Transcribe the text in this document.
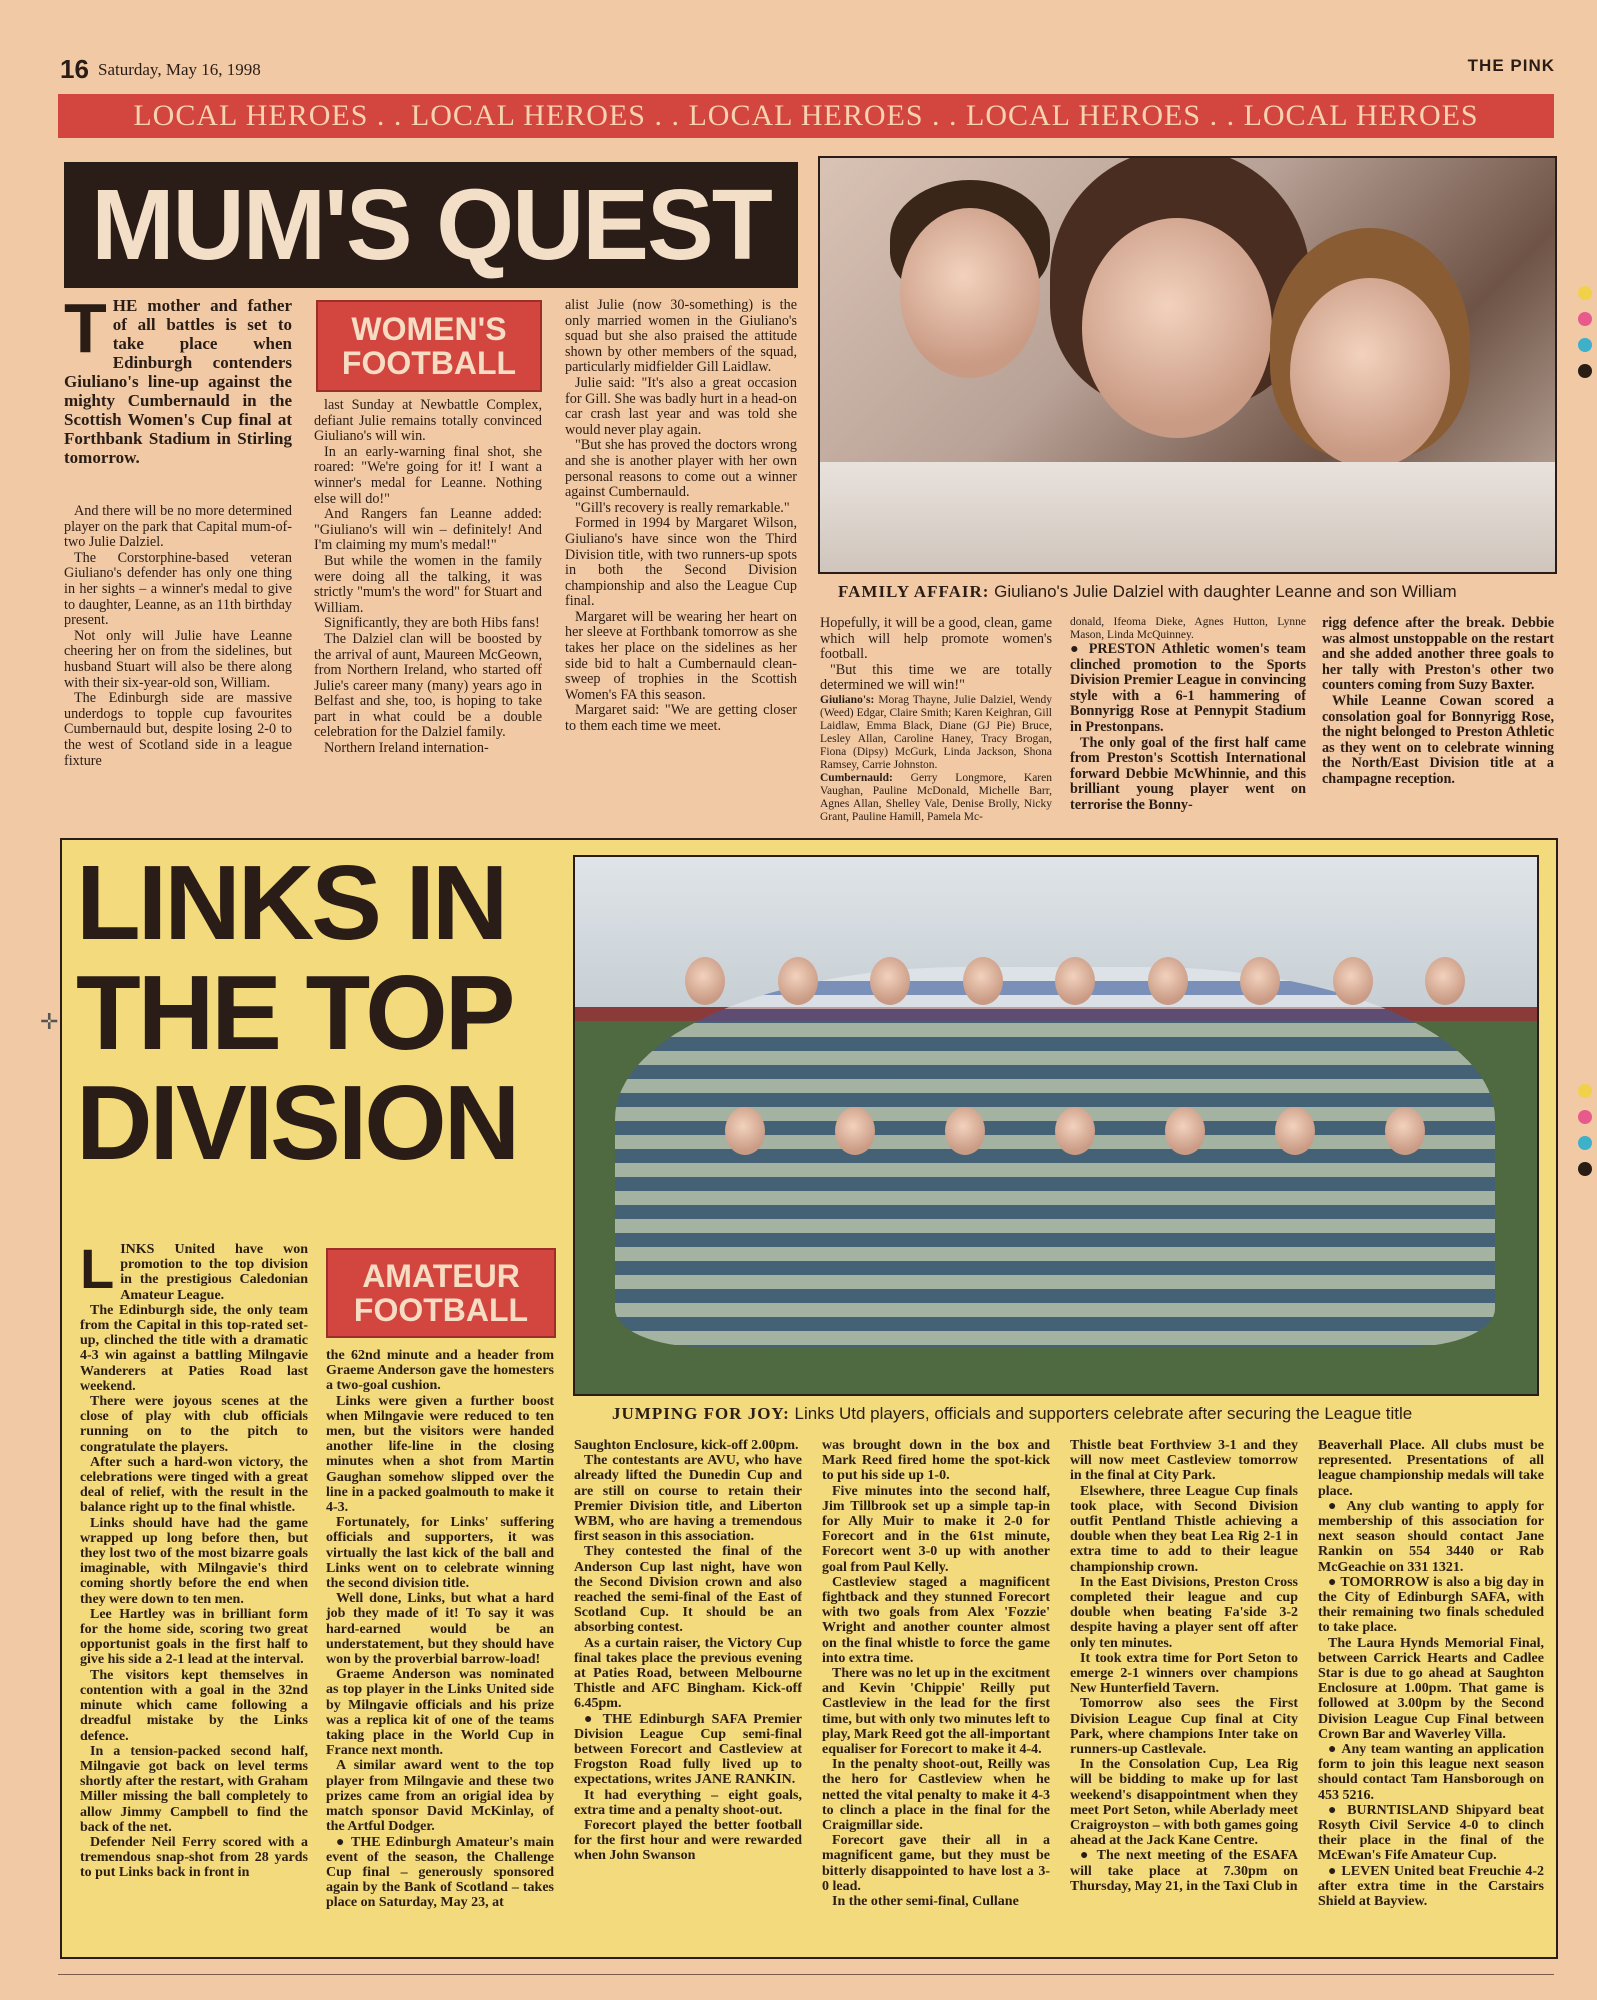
16 Saturday, May 16, 1998	THE PINK
LOCAL HEROES . . LOCAL HEROES . . LOCAL HEROES . . LOCAL HEROES . . LOCAL HEROES
MUM'S QUEST
FAMILY AFFAIR: Giuliano's Julie Dalziel with daughter Leanne and son William
THE mother and father of all battles is set to take place when Edinburgh contenders Giuliano's line-up against the mighty Cumbernauld in the Scottish Women's Cup final at Forthbank Stadium in Stirling tomorrow.

And there will be no more determined player on the park that Capital mum-of-two Julie Dalziel.

The Corstorphine-based veteran Giuliano's defender has only one thing in her sights – a winner's medal to give to daughter, Leanne, as an 11th birthday present.

Not only will Julie have Leanne cheering her on from the sidelines, but husband Stuart will also be there along with their six-year-old son, William.

The Edinburgh side are massive underdogs to topple cup favourites Cumbernauld but, despite losing 2-0 to the west of Scotland side in a league fixture

WOMEN'S
FOOTBALL

last Sunday at Newbattle Complex, defiant Julie remains totally convinced Giuliano's will win.

In an early-warning final shot, she roared: "We're going for it! I want a winner's medal for Leanne. Nothing else will do!"

And Rangers fan Leanne added: "Giuliano's will win – definitely! And I'm claiming my mum's medal!"

But while the women in the family were doing all the talking, it was strictly "mum's the word" for Stuart and William.

Significantly, they are both Hibs fans!

The Dalziel clan will be boosted by the arrival of aunt, Maureen McGeown, from Northern Ireland, who started off Julie's career many (many) years ago in Belfast and she, too, is hoping to take part in what could be a double celebration for the Dalziel family.

Northern Ireland internation-

alist Julie (now 30-something) is the only married women in the Giuliano's squad but she also praised the attitude shown by other members of the squad, particularly midfielder Gill Laidlaw.

Julie said: "It's also a great occasion for Gill. She was badly hurt in a head-on car crash last year and was told she would never play again.

"But she has proved the doctors wrong and she is another player with her own personal reasons to come out a winner against Cumbernauld.

"Gill's recovery is really remarkable."

Formed in 1994 by Margaret Wilson, Giuliano's have since won the Third Division title, with two runners-up spots in both the Second Division championship and also the League Cup final.

Margaret will be wearing her heart on her sleeve at Forthbank tomorrow as she takes her place on the sidelines as her side bid to halt a Cumbernauld clean-sweep of trophies in the Scottish Women's FA this season.

Margaret said: "We are getting closer to them each time we meet.

Hopefully, it will be a good, clean, game which will help promote women's football.

"But this time we are totally determined we will win!"

Giuliano's: Morag Thayne, Julie Dalziel, Wendy (Weed) Edgar, Claire Smith; Karen Keighran, Gill Laidlaw, Emma Black, Diane (GJ Pie) Bruce, Lesley Allan, Caroline Haney, Tracy Brogan, Fiona (Dipsy) McGurk, Linda Jackson, Shona Ramsey, Carrie Johnston.

Cumbernauld: Gerry Longmore, Karen Vaughan, Pauline McDonald, Michelle Barr, Agnes Allan, Shelley Vale, Denise Brolly, Nicky Grant, Pauline Hamill, Pamela Mc-

donald, Ifeoma Dieke, Agnes Hutton, Lynne Mason, Linda McQuinney.

● PRESTON Athletic women's team clinched promotion to the Sports Division Premier League in convincing style with a 6-1 hammering of Bonnyrigg Rose at Pennypit Stadium in Prestonpans.

The only goal of the first half came from Preston's Scottish International forward Debbie McWhinnie, and this brilliant young player went on terrorise the Bonny-

rigg defence after the break. Debbie was almost unstoppable on the restart and she added another three goals to her tally with Preston's other two counters coming from Suzy Baxter.

While Leanne Cowan scored a consolation goal for Bonnyrigg Rose, the night belonged to Preston Athletic as they went on to celebrate winning the North/East Division title at a champagne reception.

LINKS IN
THE TOP
DIVISION
JUMPING FOR JOY: Links Utd players, officials and supporters celebrate after securing the League title

LINKS United have won promotion to the top division in the prestigious Caledonian Amateur League.

The Edinburgh side, the only team from the Capital in this top-rated set-up, clinched the title with a dramatic 4-3 win against a battling Milngavie Wanderers at Paties Road last weekend.

There were joyous scenes at the close of play with club officials running on to the pitch to congratulate the players.

After such a hard-won victory, the celebrations were tinged with a great deal of relief, with the result in the balance right up to the final whistle.

Links should have had the game wrapped up long before then, but they lost two of the most bizarre goals imaginable, with Milngavie's third coming shortly before the end when they were down to ten men.

Lee Hartley was in brilliant form for the home side, scoring two great opportunist goals in the first half to give his side a 2-1 lead at the interval.

The visitors kept themselves in contention with a goal in the 32nd minute which came following a dreadful mistake by the Links defence.

In a tension-packed second half, Milngavie got back on level terms shortly after the restart, with Graham Miller missing the ball completely to allow Jimmy Campbell to find the back of the net.

Defender Neil Ferry scored with a tremendous snap-shot from 28 yards to put Links back in front in

AMATEUR
FOOTBALL

the 62nd minute and a header from Graeme Anderson gave the homesters a two-goal cushion.

Links were given a further boost when Milngavie were reduced to ten men, but the visitors were handed another life-line in the closing minutes when a shot from Martin Gaughan somehow slipped over the line in a packed goalmouth to make it 4-3.

Fortunately, for Links' suffering officials and supporters, it was virtually the last kick of the ball and Links went on to celebrate winning the second division title.

Well done, Links, but what a hard job they made of it! To say it was hard-earned would be an understatement, but they should have won by the proverbial barrow-load!

Graeme Anderson was nominated as top player in the Links United side by Milngavie officials and his prize was a replica kit of one of the teams taking place in the World Cup in France next month.

A similar award went to the top player from Milngavie and these two prizes came from an origial idea by match sponsor David McKinlay, of the Artful Dodger.

● THE Edinburgh Amateur's main event of the season, the Challenge Cup final – generously sponsored again by the Bank of Scotland – takes place on Saturday, May 23, at

Saughton Enclosure, kick-off 2.00pm.

The contestants are AVU, who have already lifted the Dunedin Cup and are still on course to retain their Premier Division title, and Liberton WBM, who are having a tremendous first season in this association.

They contested the final of the Anderson Cup last night, have won the Second Division crown and also reached the semi-final of the East of Scotland Cup. It should be an absorbing contest.

As a curtain raiser, the Victory Cup final takes place the previous evening at Paties Road, between Melbourne Thistle and AFC Bingham. Kick-off 6.45pm.

● THE Edinburgh SAFA Premier Division League Cup semi-final between Forecort and Castleview at Frogston Road fully lived up to expectations, writes JANE RANKIN.

It had everything – eight goals, extra time and a penalty shoot-out.

Forecort played the better football for the first hour and were rewarded when John Swanson

was brought down in the box and Mark Reed fired home the spot-kick to put his side up 1-0.

Five minutes into the second half, Jim Tillbrook set up a simple tap-in for Ally Muir to make it 2-0 for Forecort and in the 61st minute, Forecort went 3-0 up with another goal from Paul Kelly.

Castleview staged a magnificent fightback and they stunned Forecort with two goals from Alex 'Fozzie' Wright and another counter almost on the final whistle to force the game into extra time.

There was no let up in the excitment and Kevin 'Chippie' Reilly put Castleview in the lead for the first time, but with only two minutes left to play, Mark Reed got the all-important equaliser for Forecort to make it 4-4.

In the penalty shoot-out, Reilly was the hero for Castleview when he netted the vital penalty to make it 4-3 to clinch a place in the final for the Craigmillar side.

Forecort gave their all in a magnificent game, but they must be bitterly disappointed to have lost a 3-0 lead.

In the other semi-final, Cullane

Thistle beat Forthview 3-1 and they will now meet Castleview tomorrow in the final at City Park.

Elsewhere, three League Cup finals took place, with Second Division outfit Pentland Thistle achieving a double when they beat Lea Rig 2-1 in extra time to add to their league championship crown.

In the East Divisions, Preston Cross completed their league and cup double when beating Fa'side 3-2 despite having a player sent off after only ten minutes.

It took extra time for Port Seton to emerge 2-1 winners over champions New Hunterfield Tavern.

Tomorrow also sees the First Division League Cup final at City Park, where champions Inter take on runners-up Castlevale.

In the Consolation Cup, Lea Rig will be bidding to make up for last weekend's disappointment when they meet Port Seton, while Aberlady meet Craigroyston – with both games going ahead at the Jack Kane Centre.

● The next meeting of the ESAFA will take place at 7.30pm on Thursday, May 21, in the Taxi Club in

Beaverhall Place. All clubs must be represented. Presentations of all league championship medals will take place.

● Any club wanting to apply for membership of this association for next season should contact Jane Rankin on 554 3440 or Rab McGeachie on 331 1321.

● TOMORROW is also a big day in the City of Edinburgh SAFA, with their remaining two finals scheduled to take place.

The Laura Hynds Memorial Final, between Carrick Hearts and Cadlee Star is due to go ahead at Saughton Enclosure at 1.00pm. That game is followed at 3.00pm by the Second Division League Cup Final between Crown Bar and Waverley Villa.

● Any team wanting an application form to join this league next season should contact Tam Hansborough on 453 5216.

● BURNTISLAND Shipyard beat Rosyth Civil Service 4-0 to clinch their place in the final of the McEwan's Fife Amateur Cup.

● LEVEN United beat Freuchie 4-2 after extra time in the Carstairs Shield at Bayview.

✛
